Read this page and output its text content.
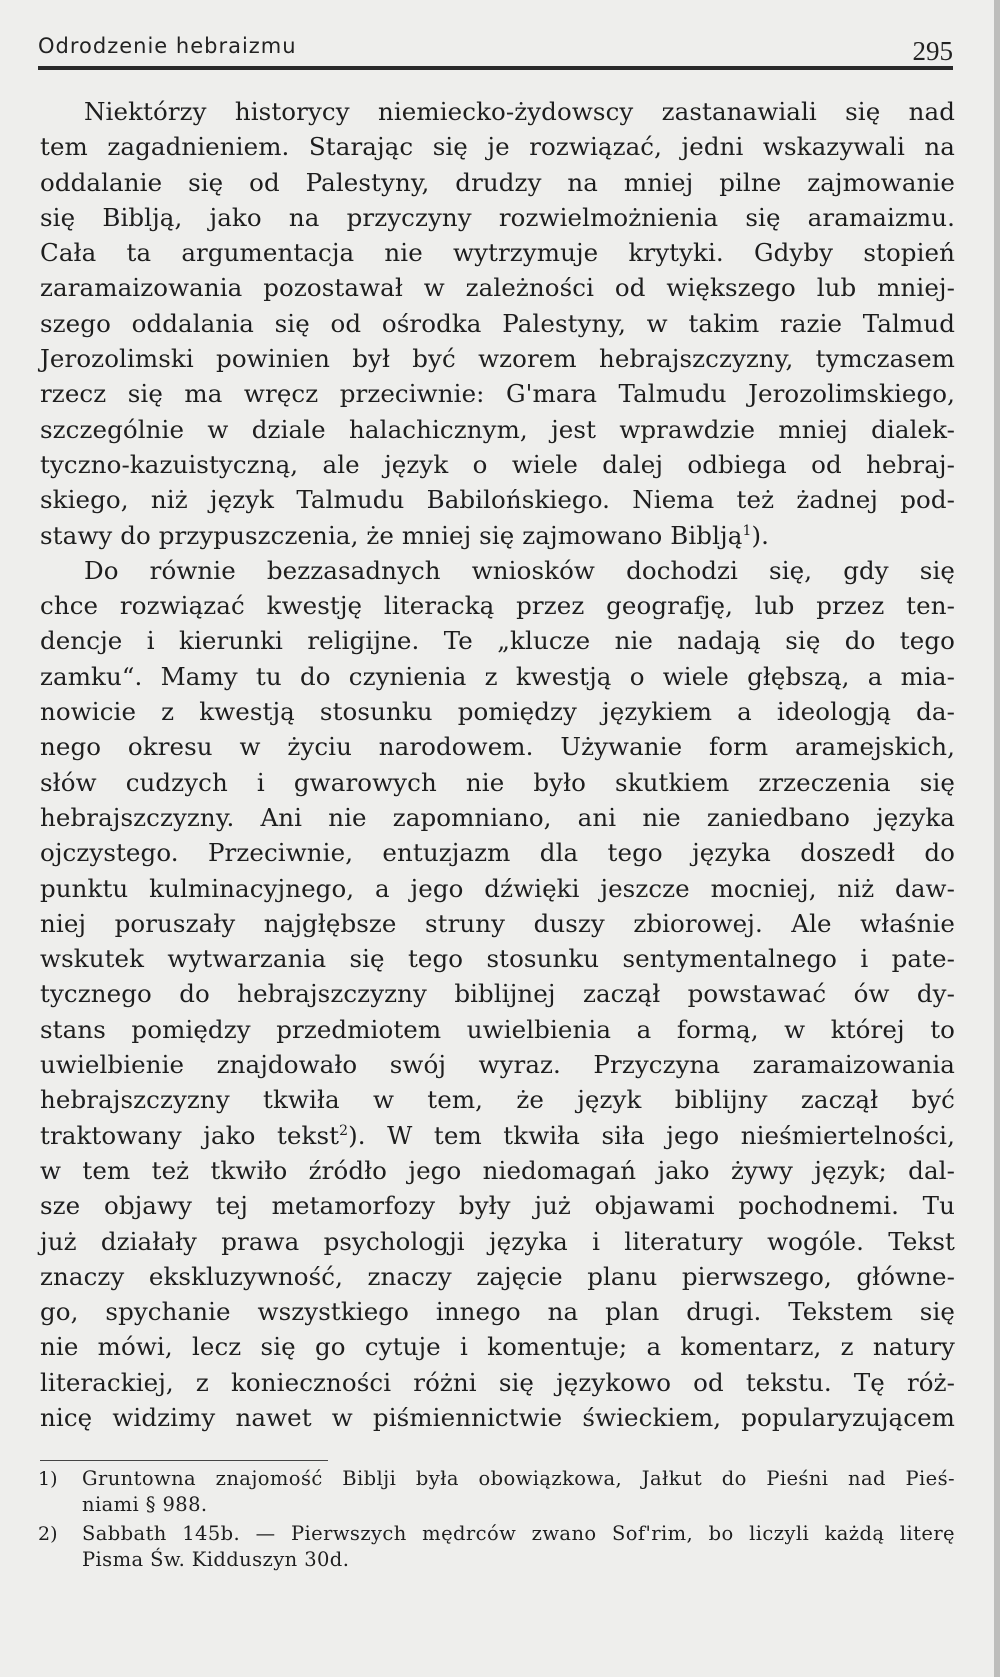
Odrodzenie hebraizmu	295

Niektórzy historycy niemiecko-żydowscy zastanawiali się nad

tem zagadnieniem. Starając się je rozwiązać, jedni wskazywali na

oddalanie się od Palestyny, drudzy na mniej pilne zajmowanie

się Biblją, jako na przyczyny rozwielmożnienia się aramaizmu.

Cała ta argumentacja nie wytrzymuje krytyki. Gdyby stopień

zaramaizowania pozostawał w zależności od większego lub mniej-

szego oddalania się od ośrodka Palestyny, w takim razie Talmud

Jerozolimski powinien był być wzorem hebrajszczyzny, tymczasem

rzecz się ma wręcz przeciwnie: G'mara Talmudu Jerozolimskiego,

szczególnie w dziale halachicznym, jest wprawdzie mniej dialek-

tyczno-kazuistyczną, ale język o wiele dalej odbiega od hebraj-

skiego, niż język Talmudu Babilońskiego. Niema też żadnej pod-

stawy do przypuszczenia, że mniej się zajmowano Biblją$^1$).

Do równie bezzasadnych wniosków dochodzi się, gdy się

chce rozwiązać kwestję literacką przez geografję, lub przez ten-

dencje i kierunki religijne. Te „klucze nie nadają się do tego

zamku“. Mamy tu do czynienia z kwestją o wiele głębszą, a mia-

nowicie z kwestją stosunku pomiędzy językiem a ideologją da-

nego okresu w życiu narodowem. Używanie form aramejskich,

słów cudzych i gwarowych nie było skutkiem zrzeczenia się

hebrajszczyzny. Ani nie zapomniano, ani nie zaniedbano języka

ojczystego. Przeciwnie, entuzjazm dla tego języka doszedł do

punktu kulminacyjnego, a jego dźwięki jeszcze mocniej, niż daw-

niej poruszały najgłębsze struny duszy zbiorowej. Ale właśnie

wskutek wytwarzania się tego stosunku sentymentalnego i pate-

tycznego do hebrajszczyzny biblijnej zaczął powstawać ów dy-

stans pomiędzy przedmiotem uwielbienia a formą, w której to

uwielbienie znajdowało swój wyraz. Przyczyna zaramaizowania

hebrajszczyzny tkwiła w tem, że język biblijny zaczął być

traktowany jako tekst$^2$). W tem tkwiła siła jego nieśmiertelności,

w tem też tkwiło źródło jego niedomagań jako żywy język; dal-

sze objawy tej metamorfozy były już objawami pochodnemi. Tu

już działały prawa psychologji języka i literatury wogóle. Tekst

znaczy ekskluzywność, znaczy zajęcie planu pierwszego, główne-

go, spychanie wszystkiego innego na plan drugi. Tekstem się

nie mówi, lecz się go cytuje i komentuje; a komentarz, z natury

literackiej, z konieczności różni się językowo od tekstu. Tę róż-

nicę widzimy nawet w piśmiennictwie świeckiem, popularyzującem

1) Gruntowna znajomość Biblji była obowiązkowa, Jałkut do Pieśni nad Pieś-
niami § 988.
2) Sabbath 145b. — Pierwszych mędrców zwano Sof'rim, bo liczyli każdą literę
Pisma Św. Kidduszyn 30d.
